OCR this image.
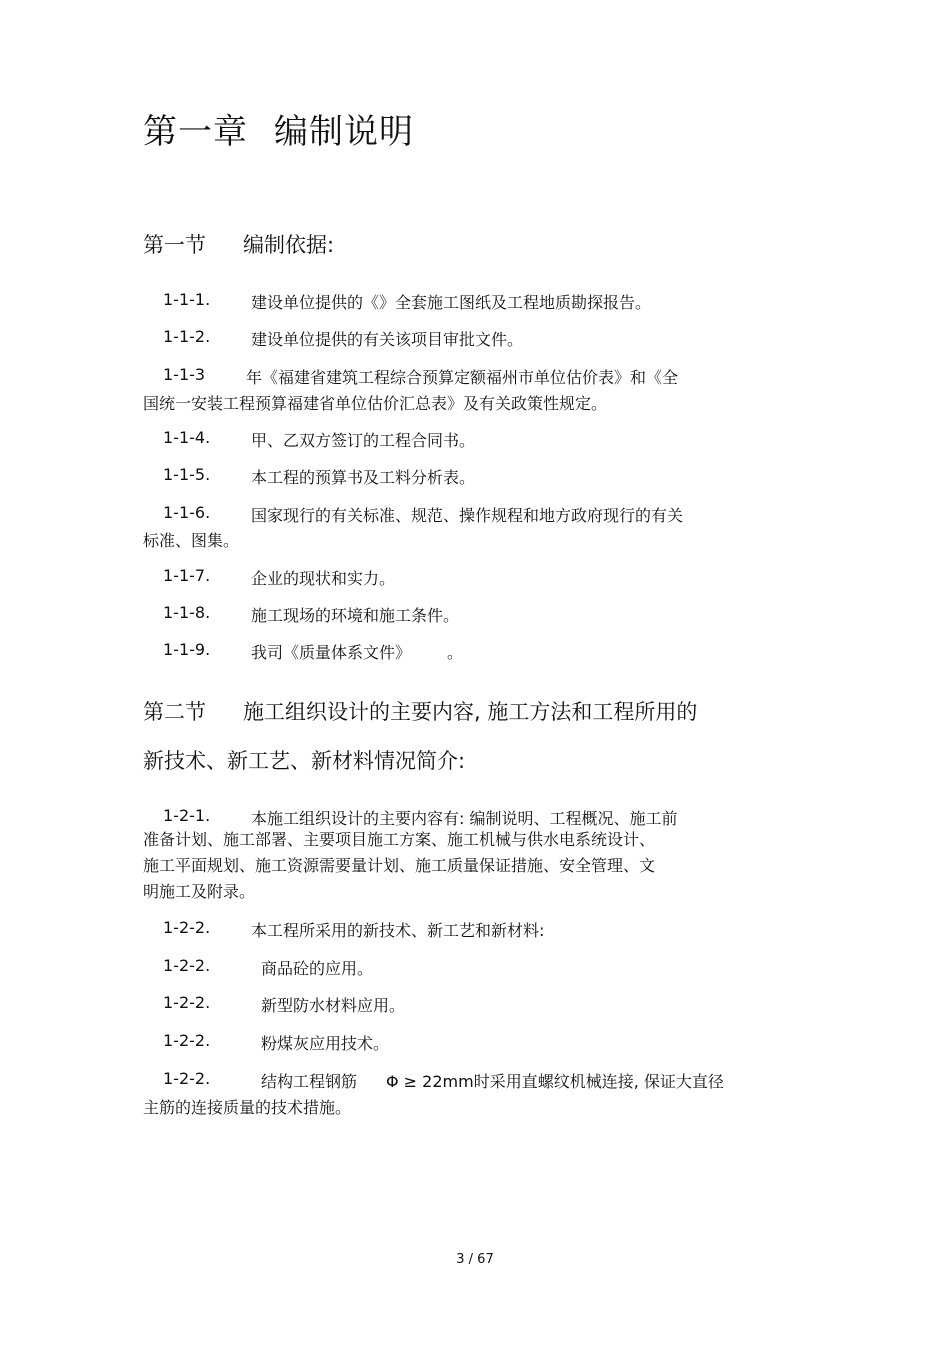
第一章 编制说明
第一节 编制依据:
1-1-1.	建设单位提供的《》全套施工图纸及工程地质勘探报告。
1-1-2.	建设单位提供的有关该项目审批文件。
1-1-3	年《福建省建筑工程综合预算定额福州市单位估价表》和《全
国统一安装工程预算福建省单位估价汇总表》及有关政策性规定。
1-1-4.	甲、乙双方签订的工程合同书。
1-1-5.	本工程的预算书及工料分析表。
1-1-6.	国家现行的有关标准、规范、操作规程和地方政府现行的有关
标准、图集。
1-1-7.	企业的现状和实力。
1-1-8.	施工现场的环境和施工条件。
1-1-9.	我司《质量体系文件》 。
第二节 施工组织设计的主要内容, 施工方法和工程所用的
新技术、新工艺、新材料情况简介:
1-2-1.	本施工组织设计的主要内容有: 编制说明、工程概况、施工前
准备计划、施工部署、主要项目施工方案、施工机械与供水电系统设计、
施工平面规划、施工资源需要量计划、施工质量保证措施、安全管理、文
明施工及附录。
1-2-2.	本工程所采用的新技术、新工艺和新材料:
1-2-2.	商品砼的应用。
1-2-2.	新型防水材料应用。
1-2-2.	粉煤灰应用技术。
1-2-2.	结构工程钢筋 Φ ≥ 22mm时采用直螺纹机械连接, 保证大直径
主筋的连接质量的技术措施。
3 / 67
